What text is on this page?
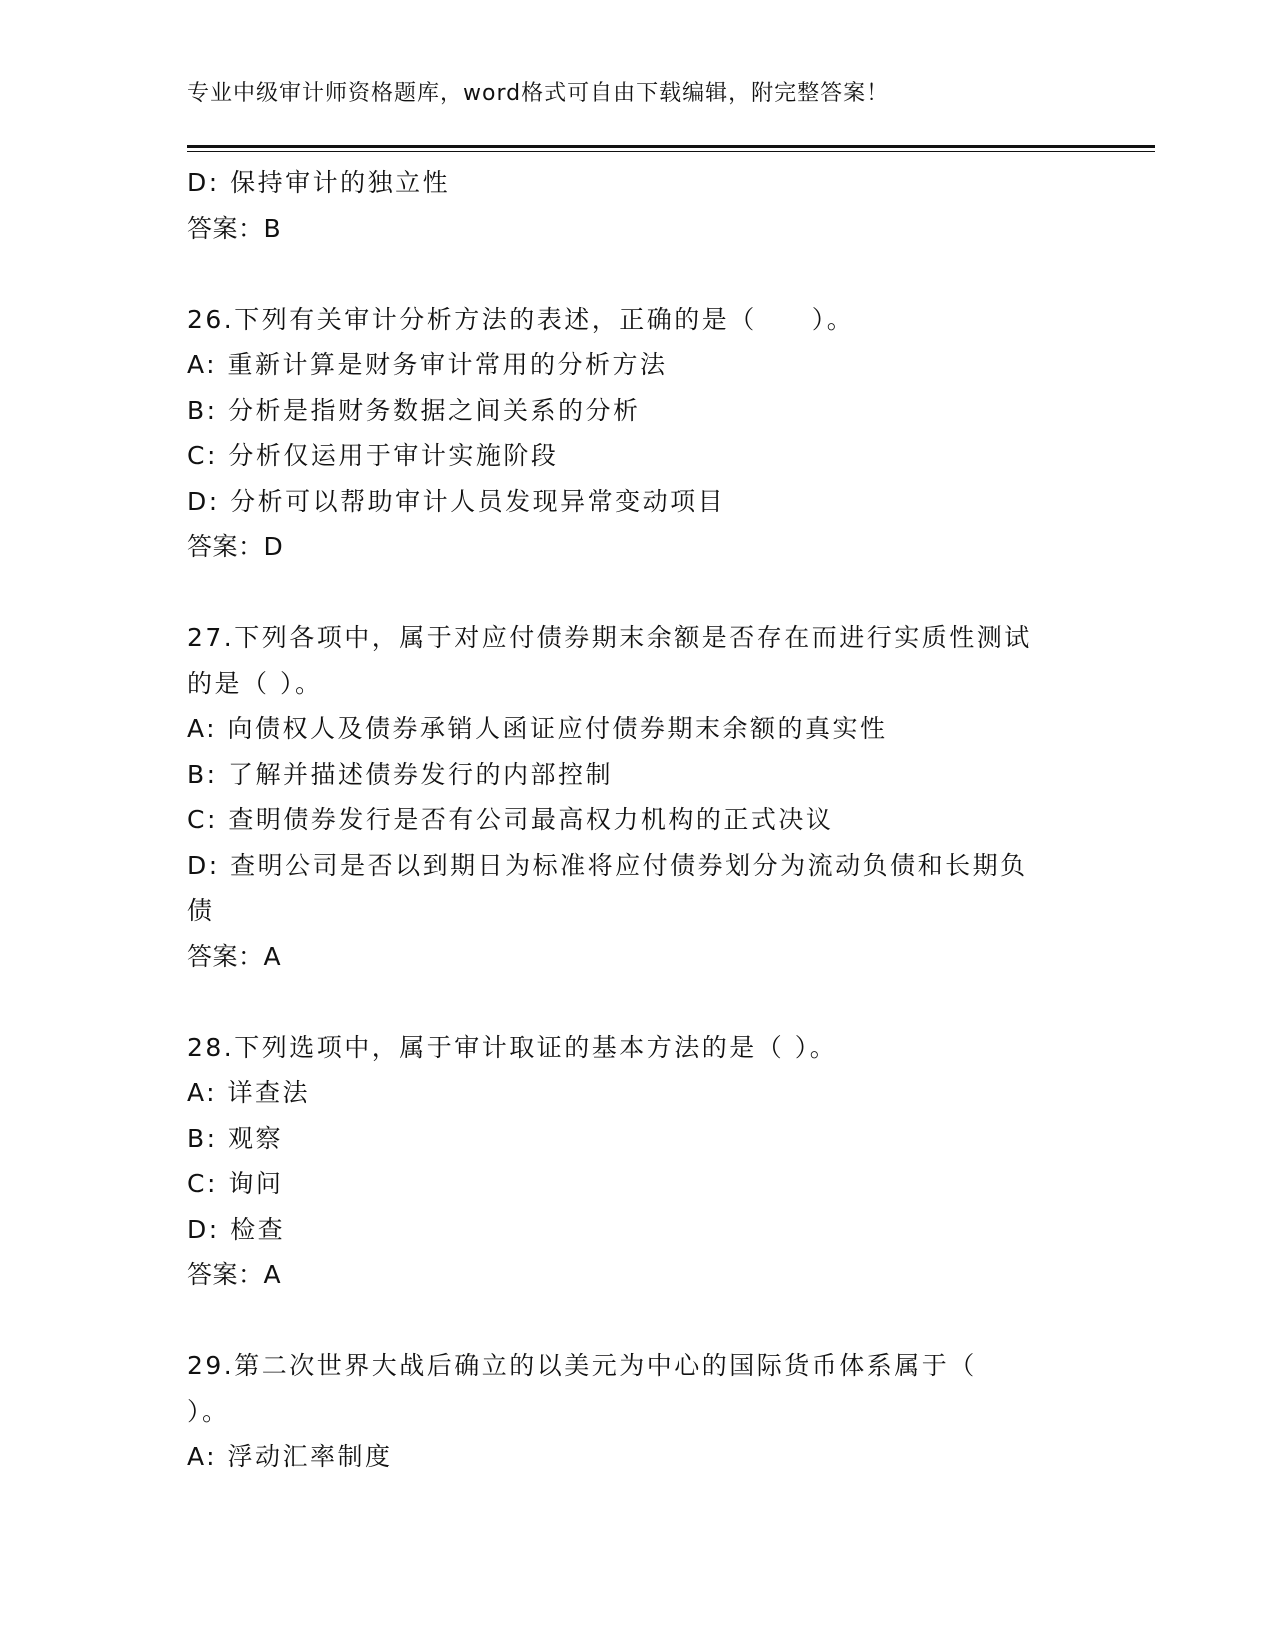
专业中级审计师资格题库，word格式可自由下载编辑，附完整答案！
D: 保持审计的独立性
答案：B
26.下列有关审计分析方法的表述，正确的是（　　）。
A: 重新计算是财务审计常用的分析方法
B: 分析是指财务数据之间关系的分析
C: 分析仅运用于审计实施阶段
D: 分析可以帮助审计人员发现异常变动项目
答案：D
27.下列各项中，属于对应付债券期末余额是否存在而进行实质性测试
的是（ ）。
A: 向债权人及债券承销人函证应付债券期末余额的真实性
B: 了解并描述债券发行的内部控制
C: 查明债券发行是否有公司最高权力机构的正式决议
D: 查明公司是否以到期日为标准将应付债券划分为流动负债和长期负
债
答案：A
28.下列选项中，属于审计取证的基本方法的是（ ）。
A: 详查法
B: 观察
C: 询问
D: 检查
答案：A
29.第二次世界大战后确立的以美元为中心的国际货币体系属于（
）。
A: 浮动汇率制度
